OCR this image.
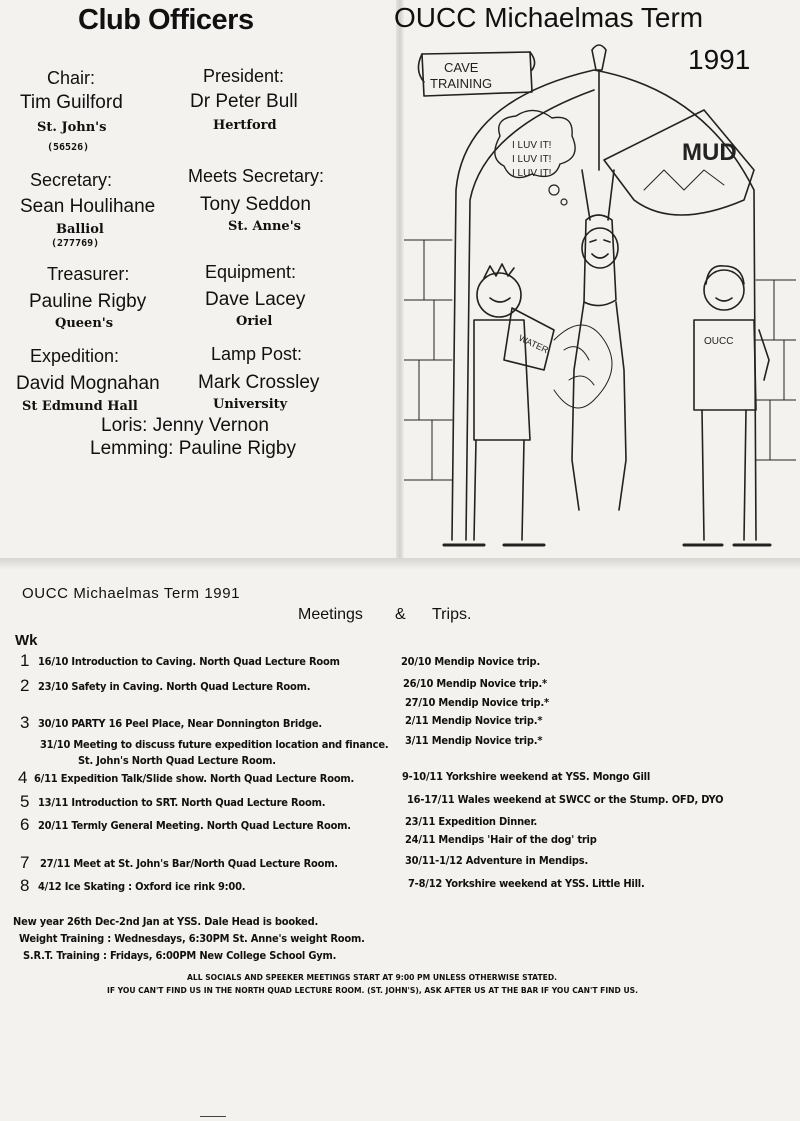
Club Officers
Chair:
Tim Guilford
St. John's
(56526)
Secretary:
Sean Houlihane
Balliol
(277769)
Treasurer:
Pauline Rigby
Queen's
Expedition:
David Mognahan
St Edmund Hall
President:
Dr Peter Bull
Hertford
Meets Secretary:
Tony Seddon
St. Anne's
Equipment:
Dave Lacey
Oriel
Lamp Post:
Mark Crossley
University
Loris: Jenny Vernon
Lemming: Pauline Rigby
OUCC Michaelmas Term
1991
CAVE
TRAINING
I LUV IT!
I LUV IT!
I LUV IT!
MUD
WATER	OUCC
OUCC Michaelmas Term 1991
Meetings & Trips.
Wk
1 16/10 Introduction to Caving. North Quad Lecture Room
2 23/10 Safety in Caving. North Quad Lecture Room.
3 30/10 PARTY 16 Peel Place, Near Donnington Bridge.
31/10 Meeting to discuss future expedition location and finance.
St. John's North Quad Lecture Room.
4 6/11 Expedition Talk/Slide show. North Quad Lecture Room.
5 13/11 Introduction to SRT. North Quad Lecture Room.
6 20/11 Termly General Meeting. North Quad Lecture Room.
7 27/11 Meet at St. John's Bar/North Quad Lecture Room.
8 4/12 Ice Skating : Oxford ice rink 9:00.
20/10 Mendip Novice trip.
26/10 Mendip Novice trip.*
27/10 Mendip Novice trip.*
2/11 Mendip Novice trip.*
3/11 Mendip Novice trip.*
9-10/11 Yorkshire weekend at YSS. Mongo Gill
16-17/11 Wales weekend at SWCC or the Stump. OFD, DYO
23/11 Expedition Dinner.
24/11 Mendips 'Hair of the dog' trip
30/11-1/12 Adventure in Mendips.
7-8/12 Yorkshire weekend at YSS. Little Hill.
New year 26th Dec-2nd Jan at YSS. Dale Head is booked.
Weight Training : Wednesdays, 6:30PM St. Anne's weight Room.
S.R.T. Training : Fridays, 6:00PM New College School Gym.
ALL SOCIALS AND SPEEKER MEETINGS START AT 9:00 PM UNLESS OTHERWISE STATED.
IF YOU CAN'T FIND US IN THE NORTH QUAD LECTURE ROOM. (ST. JOHN'S), ASK AFTER US AT THE BAR IF YOU CAN'T FIND US.
